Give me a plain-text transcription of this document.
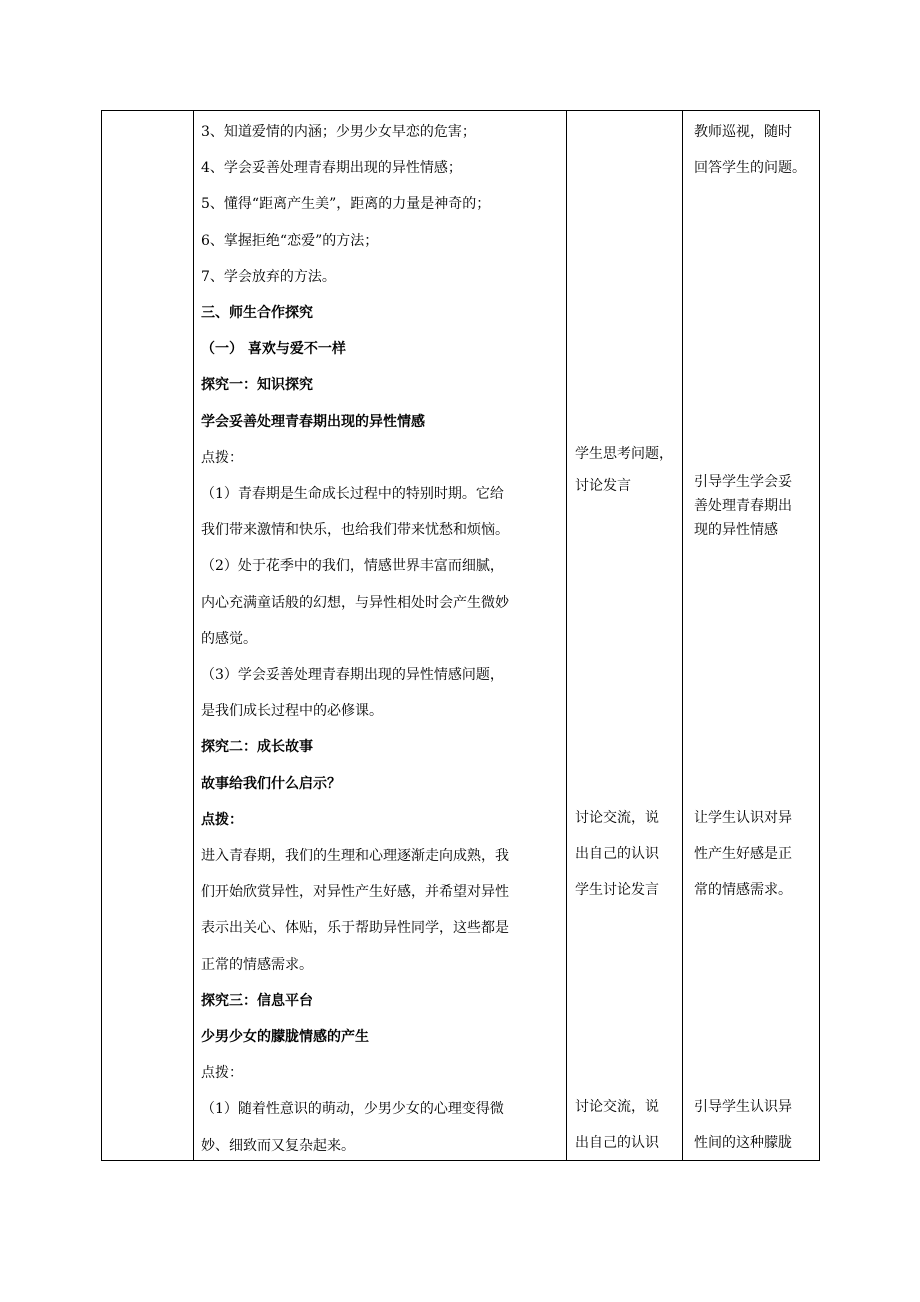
3、知道爱情的内涵；少男少女早恋的危害；

4、学会妥善处理青春期出现的异性情感；

5、懂得“距离产生美”，距离的力量是神奇的；

6、掌握拒绝“恋爱”的方法；

7、学会放弃的方法。

三、师生合作探究

（一） 喜欢与爱不一样

探究一：知识探究

学会妥善处理青春期出现的异性情感

点拨：

（1）青春期是生命成长过程中的特别时期。它给

我们带来激情和快乐，也给我们带来忧愁和烦恼。

（2）处于花季中的我们，情感世界丰富而细腻，

内心充满童话般的幻想，与异性相处时会产生微妙

的感觉。

（3）学会妥善处理青春期出现的异性情感问题，

是我们成长过程中的必修课。

探究二：成长故事

故事给我们什么启示？

点拨：

进入青春期，我们的生理和心理逐渐走向成熟，我

们开始欣赏异性，对异性产生好感，并希望对异性

表示出关心、体贴，乐于帮助异性同学，这些都是

正常的情感需求。

探究三：信息平台

少男少女的朦胧情感的产生

点拨：

（1）随着性意识的萌动，少男少女的心理变得微

妙、细致而又复杂起来。

学生思考问题，

讨论发言

讨论交流，说

出自己的认识

学生讨论发言

讨论交流，说

出自己的认识

教师巡视，随时

回答学生的问题。

引导学生学会妥

善处理青春期出

现的异性情感

让学生认识对异

性产生好感是正

常的情感需求。

引导学生认识异

性间的这种朦胧
